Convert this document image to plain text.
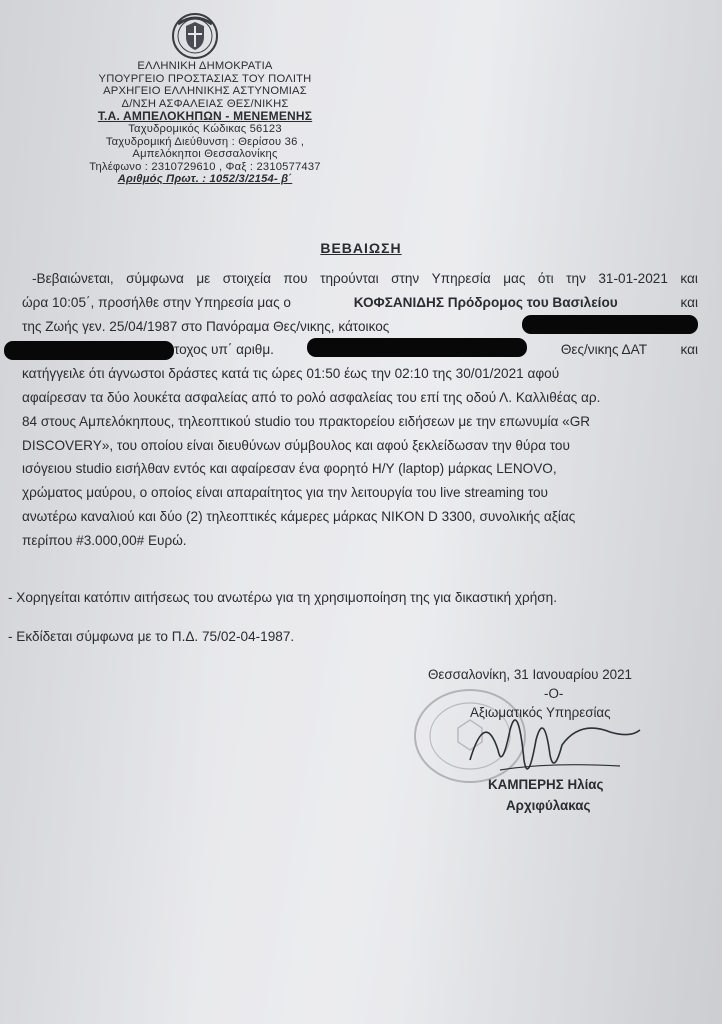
ΕΛΛΗΝΙΚΗ ΔΗΜΟΚΡΑΤΙΑ
ΥΠΟΥΡΓΕΙΟ ΠΡΟΣΤΑΣΙΑΣ ΤΟΥ ΠΟΛΙΤΗ
ΑΡΧΗΓΕΙΟ ΕΛΛΗΝΙΚΗΣ ΑΣΤΥΝΟΜΙΑΣ
Δ/ΝΣΗ ΑΣΦΑΛΕΙΑΣ ΘΕΣ/ΝΙΚΗΣ
Τ.Α. ΑΜΠΕΛΟΚΗΠΩΝ - ΜΕΝΕΜΕΝΗΣ
Ταχυδρομικός Κώδικας 56123
Ταχυδρομική Διεύθυνση : Θερίσου 36 ,
Αμπελόκηποι Θεσσαλονίκης
Τηλέφωνο : 2310729610 , Φαξ : 2310577437
Αριθμός Πρωτ. : 1052/3/2154- β΄
ΒΕΒΑΙΩΣΗ
-Βεβαιώνεται, σύμφωνα με στοιχεία που τηρούνται στην Υπηρεσία μας ότι την 31-01-2021 και
ώρα 10:05΄, προσήλθε στην Υπηρεσία μας ο	ΚΟΦΣΑΝΙΔΗΣ Πρόδρομος του Βασιλείου	και
της Ζωής γεν. 25/04/1987 στο Πανόραμα Θες/νικης, κάτοικος
τοχος υπ΄ αριθμ.	Θες/νικης ΔΑΤ και
κατήγγειλε ότι άγνωστοι δράστες κατά τις ώρες 01:50 έως την 02:10 της 30/01/2021 αφού
αφαίρεσαν τα δύο λουκέτα ασφαλείας από το ρολό ασφαλείας του επί της οδού Λ. Καλλιθέας αρ.
84 στους Αμπελόκηπους, τηλεοπτικού studio του πρακτορείου ειδήσεων με την επωνυμία «GR
DISCOVERY», του οποίου είναι διευθύνων σύμβουλος και αφού ξεκλείδωσαν την θύρα του
ισόγειου studio εισήλθαν εντός και αφαίρεσαν ένα φορητό Η/Υ (laptop) μάρκας LENOVO,
χρώματος μαύρου, ο οποίος είναι απαραίτητος για την λειτουργία του live streaming του
ανωτέρω καναλιού και δύο (2) τηλεοπτικές κάμερες μάρκας NIKON D 3300, συνολικής αξίας
περίπου #3.000,00# Ευρώ.
- Χορηγείται κατόπιν αιτήσεως του ανωτέρω για τη χρησιμοποίηση της για δικαστική χρήση.
- Εκδίδεται σύμφωνα με το Π.Δ. 75/02-04-1987.
Θεσσαλονίκη, 31 Ιανουαρίου 2021
-Ο-
Αξιωματικός Υπηρεσίας
ΚΑΜΠΕΡΗΣ Ηλίας
Αρχιφύλακας
